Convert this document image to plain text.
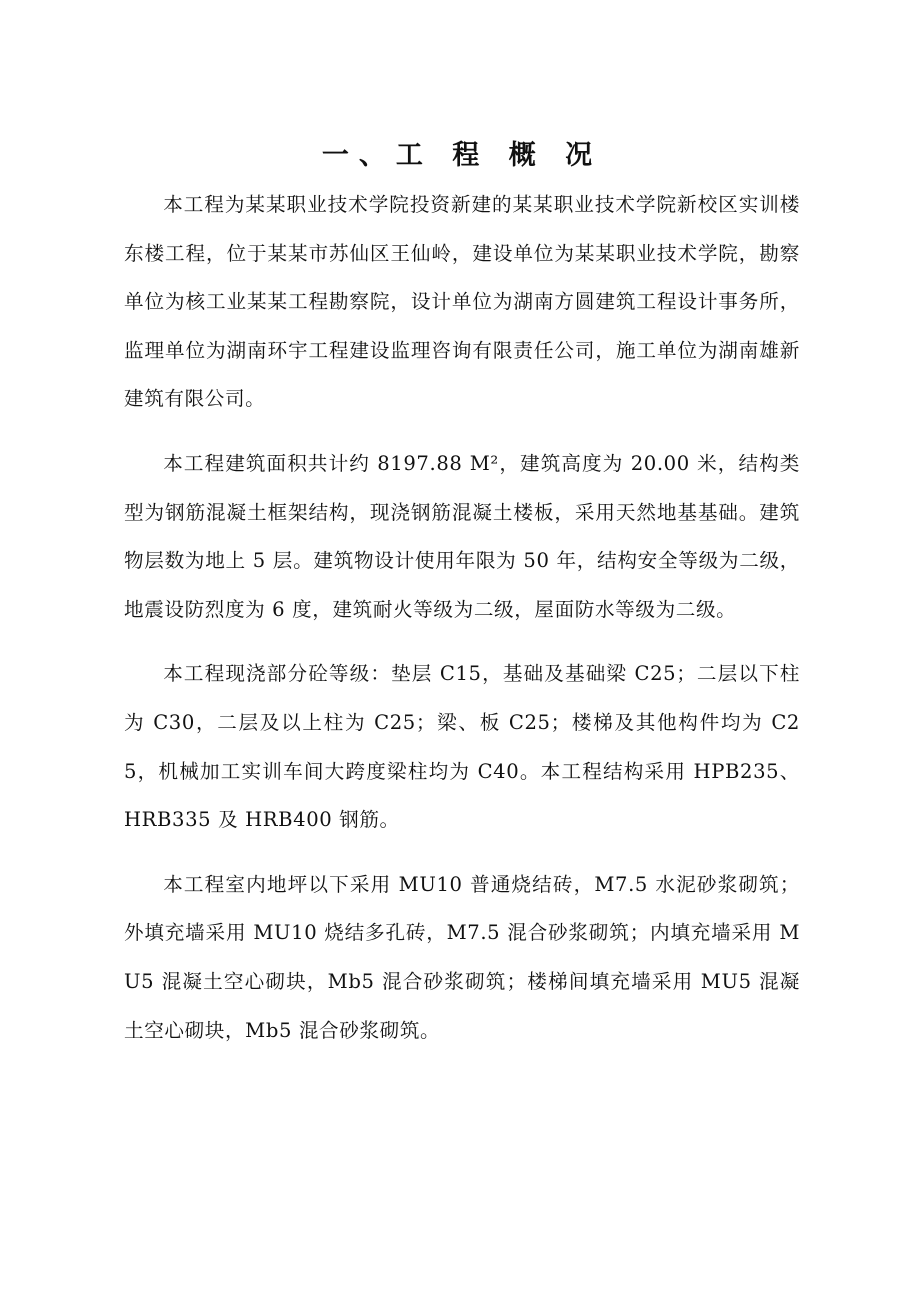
一、工 程 概 况

本工程为某某职业技术学院投资新建的某某职业技术学院新校区实训楼东楼工程，位于某某市苏仙区王仙岭，建设单位为某某职业技术学院，勘察单位为核工业某某工程勘察院，设计单位为湖南方圆建筑工程设计事务所，监理单位为湖南环宇工程建设监理咨询有限责任公司，施工单位为湖南雄新建筑有限公司。

本工程建筑面积共计约 8197.88 M²，建筑高度为 20.00 米，结构类型为钢筋混凝土框架结构，现浇钢筋混凝土楼板，采用天然地基基础。建筑物层数为地上 5 层。建筑物设计使用年限为 50 年，结构安全等级为二级，地震设防烈度为 6 度，建筑耐火等级为二级，屋面防水等级为二级。

本工程现浇部分砼等级：垫层 C15，基础及基础梁 C25；二层以下柱为 C30，二层及以上柱为 C25；梁、板 C25；楼梯及其他构件均为 C25，机械加工实训车间大跨度梁柱均为 C40。本工程结构采用 HPB235、HRB335 及 HRB400 钢筋。

本工程室内地坪以下采用 MU10 普通烧结砖，M7.5 水泥砂浆砌筑；外填充墙采用 MU10 烧结多孔砖，M7.5 混合砂浆砌筑；内填充墙采用 MU5 混凝土空心砌块，Mb5 混合砂浆砌筑；楼梯间填充墙采用 MU5 混凝土空心砌块，Mb5 混合砂浆砌筑。
